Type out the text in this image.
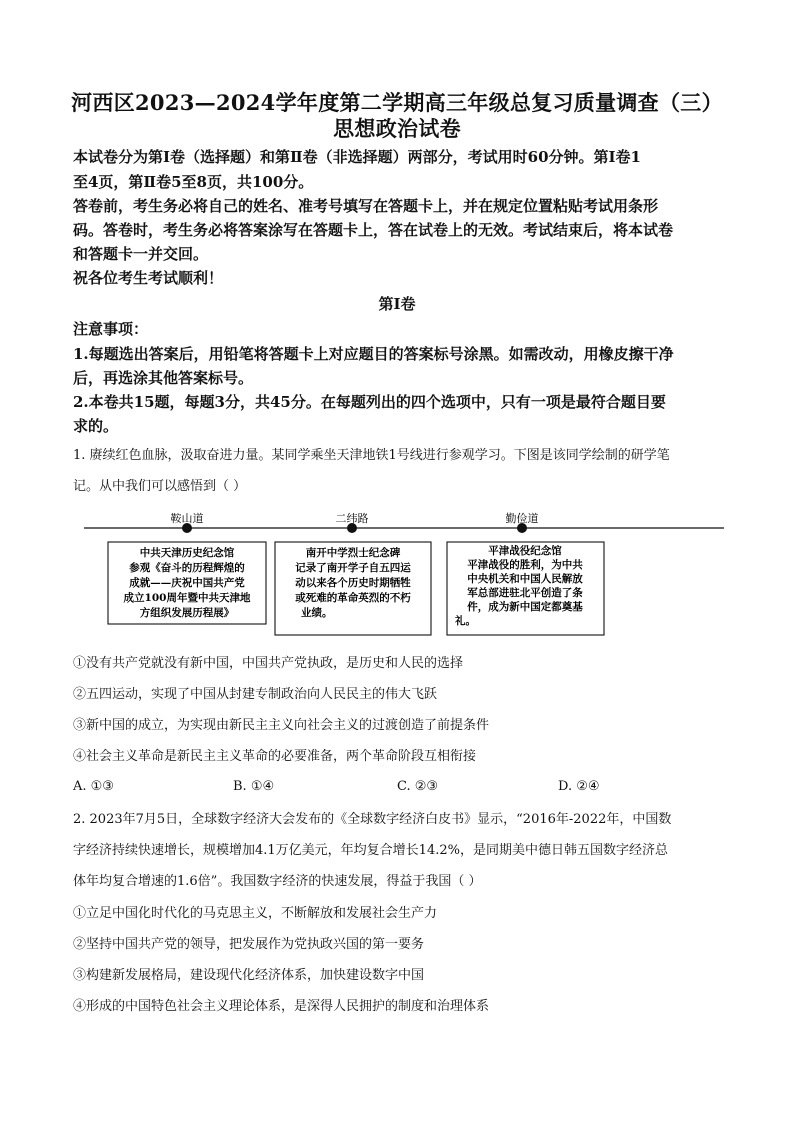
河西区2023—2024学年度第二学期高三年级总复习质量调查（三）
思想政治试卷
本试卷分为第Ⅰ卷（选择题）和第Ⅱ卷（非选择题）两部分，考试用时60分钟。第Ⅰ卷1
至4页，第Ⅱ卷5至8页，共100分。
答卷前，考生务必将自己的姓名、准考号填写在答题卡上，并在规定位置粘贴考试用条形
码。答卷时，考生务必将答案涂写在答题卡上，答在试卷上的无效。考试结束后，将本试卷
和答题卡一并交回。
祝各位考生考试顺利！
第Ⅰ卷
注意事项：
1.每题选出答案后，用铅笔将答题卡上对应题目的答案标号涂黑。如需改动，用橡皮擦干净
后，再选涂其他答案标号。
2.本卷共15题，每题3分，共45分。在每题列出的四个选项中，只有一项是最符合题目要
求的。
1. 赓续红色血脉，汲取奋进力量。某同学乘坐天津地铁1号线进行参观学习。下图是该同学绘制的研学笔
记。从中我们可以感悟到（ ）
鞍山道
中共天津历史纪念馆
参观《奋斗的历程辉煌的
成就——庆祝中国共产党
成立100周年暨中共天津地
方组织发展历程展》
二纬路
南开中学烈士纪念碑
记录了南开学子自五四运
动以来各个历史时期牺牲
或死难的革命英烈的不朽
业绩。
勤俭道
平津战役纪念馆
平津战役的胜利，为中共
中央机关和中国人民解放
军总部进驻北平创造了条
件，成为新中国定都奠基
礼。
①没有共产党就没有新中国，中国共产党执政，是历史和人民的选择
②五四运动，实现了中国从封建专制政治向人民民主的伟大飞跃
③新中国的成立，为实现由新民主主义向社会主义的过渡创造了前提条件
④社会主义革命是新民主主义革命的必要准备，两个革命阶段互相衔接
A. ①③	B. ①④	C. ②③	D. ②④
2. 2023年7月5日，全球数字经济大会发布的《全球数字经济白皮书》显示，“2016年-2022年，中国数
字经济持续快速增长，规模增加4.1万亿美元，年均复合增长14.2%，是同期美中德日韩五国数字经济总
体年均复合增速的1.6倍”。我国数字经济的快速发展，得益于我国（ ）
①立足中国化时代化的马克思主义，不断解放和发展社会生产力
②坚持中国共产党的领导，把发展作为党执政兴国的第一要务
③构建新发展格局，建设现代化经济体系，加快建设数字中国
④形成的中国特色社会主义理论体系，是深得人民拥护的制度和治理体系
